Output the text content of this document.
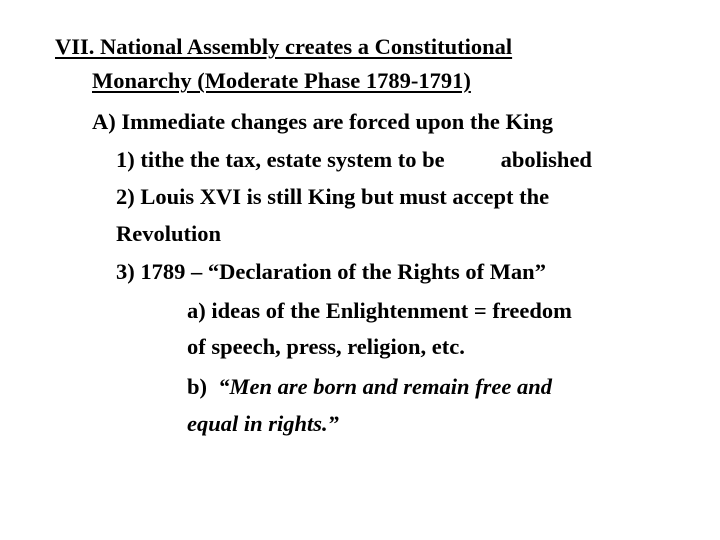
VII. National Assembly creates a Constitutional
Monarchy (Moderate Phase 1789-1791)
A) Immediate changes are forced upon the King
1) tithe the tax, estate system to be abolished
2) Louis XVI is still King but must accept the
Revolution
3) 1789 – “Declaration of the Rights of Man”
a) ideas of the Enlightenment = freedom
of speech, press, religion, etc.
b)  “Men are born and remain free and
equal in rights.”
